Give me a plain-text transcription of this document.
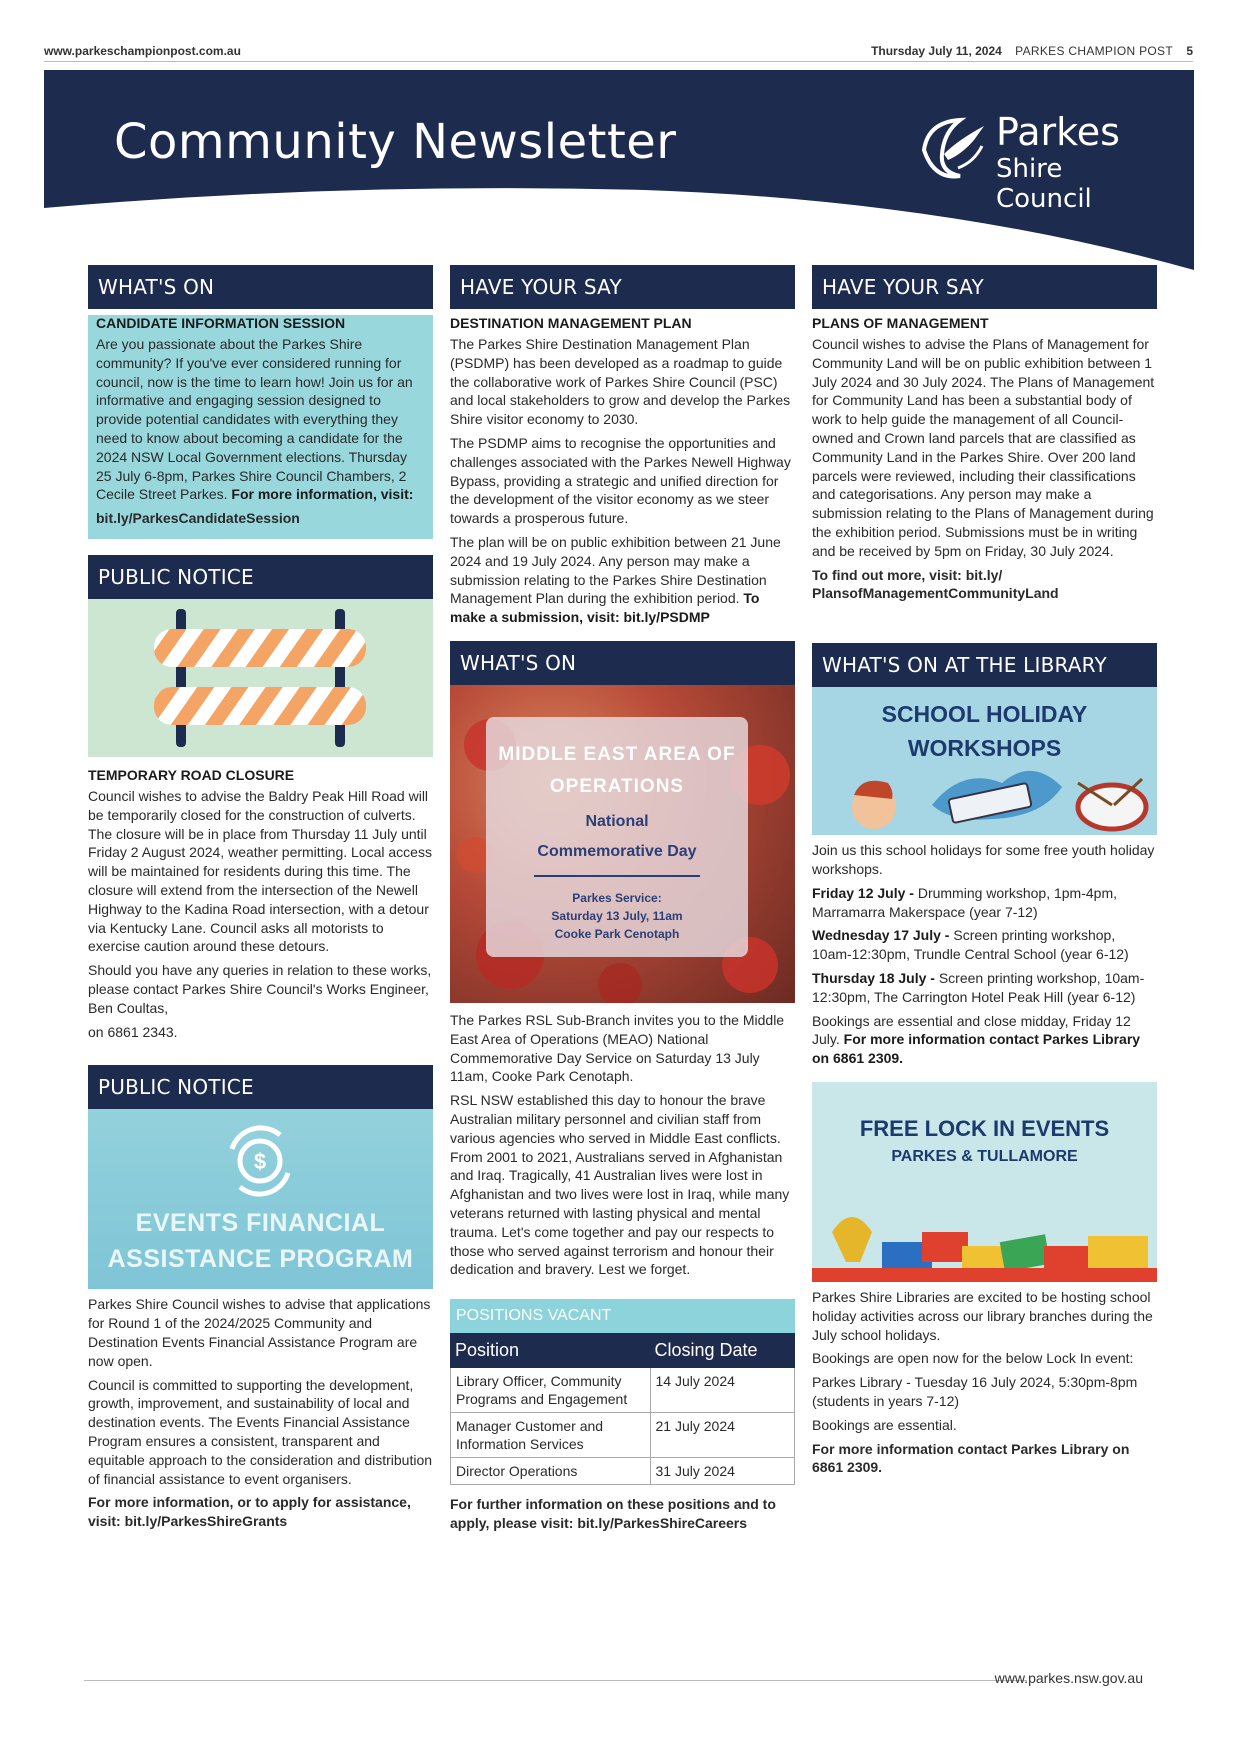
www.parkeschampionpost.com.au	Thursday July 11, 2024 PARKES CHAMPION POST 5
Community Newsletter	Parkes
Shire Council
WHAT'S ON
CANDIDATE INFORMATION SESSION

Are you passionate about the Parkes Shire community? If you've ever considered running for council, now is the time to learn how! Join us for an informative and engaging session designed to provide potential candidates with everything they need to know about becoming a candidate for the 2024 NSW Local Government elections. Thursday 25 July 6-8pm, Parkes Shire Council Chambers, 2 Cecile Street Parkes. For more information, visit:

bit.ly/ParkesCandidateSession

PUBLIC NOTICE
TEMPORARY ROAD CLOSURE

Council wishes to advise the Baldry Peak Hill Road will be temporarily closed for the construction of culverts. The closure will be in place from Thursday 11 July until Friday 2 August 2024, weather permitting. Local access will be maintained for residents during this time. The closure will extend from the intersection of the Newell Highway to the Kadina Road intersection, with a detour via Kentucky Lane. Council asks all motorists to exercise caution around these detours.

Should you have any queries in relation to these works, please contact Parkes Shire Council's Works Engineer, Ben Coultas,

on 6861 2343.

PUBLIC NOTICE
$
EVENTS FINANCIAL
ASSISTANCE PROGRAM

Parkes Shire Council wishes to advise that applications for Round 1 of the 2024/2025 Community and Destination Events Financial Assistance Program are now open.

Council is committed to supporting the development, growth, improvement, and sustainability of local and destination events. The Events Financial Assistance Program ensures a consistent, transparent and equitable approach to the consideration and distribution of financial assistance to event organisers.

For more information, or to apply for assistance, visit: bit.ly/ParkesShireGrants

HAVE YOUR SAY
DESTINATION MANAGEMENT PLAN

The Parkes Shire Destination Management Plan (PSDMP) has been developed as a roadmap to guide the collaborative work of Parkes Shire Council (PSC) and local stakeholders to grow and develop the Parkes Shire visitor economy to 2030.

The PSDMP aims to recognise the opportunities and challenges associated with the Parkes Newell Highway Bypass, providing a strategic and unified direction for the development of the visitor economy as we steer towards a prosperous future.

The plan will be on public exhibition between 21 June 2024 and 19 July 2024. Any person may make a submission relating to the Parkes Shire Destination Management Plan during the exhibition period. To make a submission, visit: bit.ly/PSDMP

WHAT'S ON
MIDDLE EAST AREA OF
OPERATIONS
National
Commemorative Day
Parkes Service:
Saturday 13 July, 11am
Cooke Park Cenotaph

The Parkes RSL Sub-Branch invites you to the Middle East Area of Operations (MEAO) National Commemorative Day Service on Saturday 13 July 11am, Cooke Park Cenotaph.

RSL NSW established this day to honour the brave Australian military personnel and civilian staff from various agencies who served in Middle East conflicts. From 2001 to 2021, Australians served in Afghanistan and Iraq. Tragically, 41 Australian lives were lost in Afghanistan and two lives were lost in Iraq, while many veterans returned with lasting physical and mental trauma. Let's come together and pay our respects to those who served against terrorism and honour their dedication and bravery. Lest we forget.

POSITIONS VACANT
Position	Closing Date
Library Officer, Community Programs and Engagement	14 July 2024
Manager Customer and Information Services	21 July 2024
Director Operations	31 July 2024

For further information on these positions and to apply, please visit: bit.ly/ParkesShireCareers

HAVE YOUR SAY
PLANS OF MANAGEMENT

Council wishes to advise the Plans of Management for Community Land will be on public exhibition between 1 July 2024 and 30 July 2024. The Plans of Management for Community Land has been a substantial body of work to help guide the management of all Council-owned and Crown land parcels that are classified as Community Land in the Parkes Shire. Over 200 land parcels were reviewed, including their classifications and categorisations. Any person may make a submission relating to the Plans of Management during the exhibition period. Submissions must be in writing and be received by 5pm on Friday, 30 July 2024.

To find out more, visit: bit.ly/ PlansofManagementCommunityLand

WHAT'S ON AT THE LIBRARY
SCHOOL HOLIDAY
WORKSHOPS

Join us this school holidays for some free youth holiday workshops.

Friday 12 July - Drumming workshop, 1pm-4pm, Marramarra Makerspace (year 7-12)

Wednesday 17 July - Screen printing workshop, 10am-12:30pm, Trundle Central School (year 6-12)

Thursday 18 July - Screen printing workshop, 10am-12:30pm, The Carrington Hotel Peak Hill (year 6-12)

Bookings are essential and close midday, Friday 12 July. For more information contact Parkes Library on 6861 2309.

FREE LOCK IN EVENTS
PARKES & TULLAMORE

Parkes Shire Libraries are excited to be hosting school holiday activities across our library branches during the July school holidays.

Bookings are open now for the below Lock In event:

Parkes Library - Tuesday 16 July 2024, 5:30pm-8pm (students in years 7-12)

Bookings are essential.

For more information contact Parkes Library on 6861 2309.

www.parkes.nsw.gov.au
